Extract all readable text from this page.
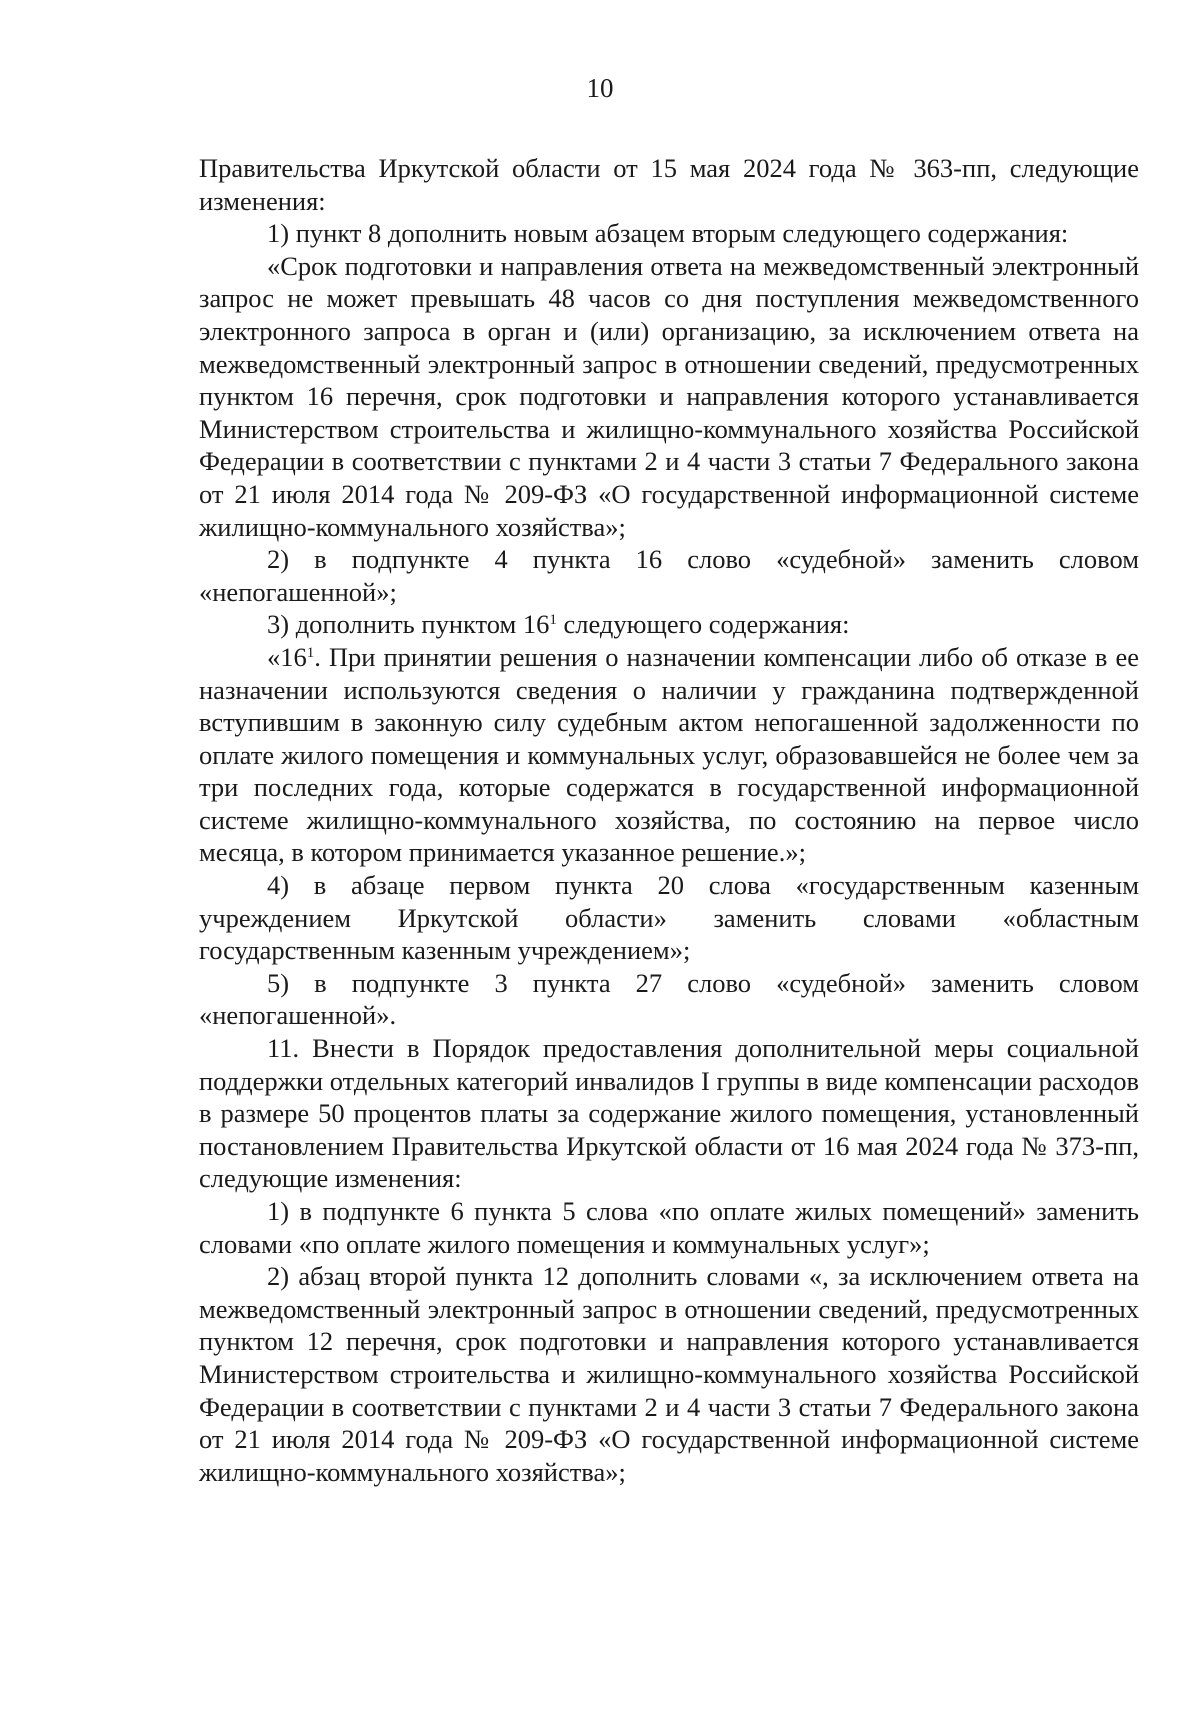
10

Правительства Иркутской области от 15 мая 2024 года № 363-пп, следующие изменения:

1) пункт 8 дополнить новым абзацем вторым следующего содержания:

«Срок подготовки и направления ответа на межведомственный электронный запрос не может превышать 48 часов со дня поступления межведомственного электронного запроса в орган и (или) организацию, за исключением ответа на межведомственный электронный запрос в отношении сведений, предусмотренных пунктом 16 перечня, срок подготовки и направления которого устанавливается Министерством строительства и жилищно-коммунального хозяйства Российской Федерации в соответствии с пунктами 2 и 4 части 3 статьи 7 Федерального закона от 21 июля 2014 года № 209-ФЗ «О государственной информационной системе жилищно-коммунального хозяйства»;

2) в подпункте 4 пункта 16 слово «судебной» заменить словом «непогашенной»;

3) дополнить пунктом $16^1$ следующего содержания:

«$16^1$. При принятии решения о назначении компенсации либо об отказе в ее назначении используются сведения о наличии у гражданина подтвержденной вступившим в законную силу судебным актом непогашенной задолженности по оплате жилого помещения и коммунальных услуг, образовавшейся не более чем за три последних года, которые содержатся в государственной информационной системе жилищно-коммунального хозяйства, по состоянию на первое число месяца, в котором принимается указанное решение.»;

4) в абзаце первом пункта 20 слова «государственным казенным учреждением Иркутской области» заменить словами «областным государственным казенным учреждением»;

5) в подпункте 3 пункта 27 слово «судебной» заменить словом «непогашенной».

11. Внести в Порядок предоставления дополнительной меры социальной поддержки отдельных категорий инвалидов I группы в виде компенсации расходов в размере 50 процентов платы за содержание жилого помещения, установленный постановлением Правительства Иркутской области от 16 мая 2024 года № 373-пп, следующие изменения:

1) в подпункте 6 пункта 5 слова «по оплате жилых помещений» заменить словами «по оплате жилого помещения и коммунальных услуг»;

2) абзац второй пункта 12 дополнить словами «, за исключением ответа на межведомственный электронный запрос в отношении сведений, предусмотренных пунктом 12 перечня, срок подготовки и направления которого устанавливается Министерством строительства и жилищно-коммунального хозяйства Российской Федерации в соответствии с пунктами 2 и 4 части 3 статьи 7 Федерального закона от 21 июля 2014 года № 209-ФЗ «О государственной информационной системе жилищно-коммунального хозяйства»;
